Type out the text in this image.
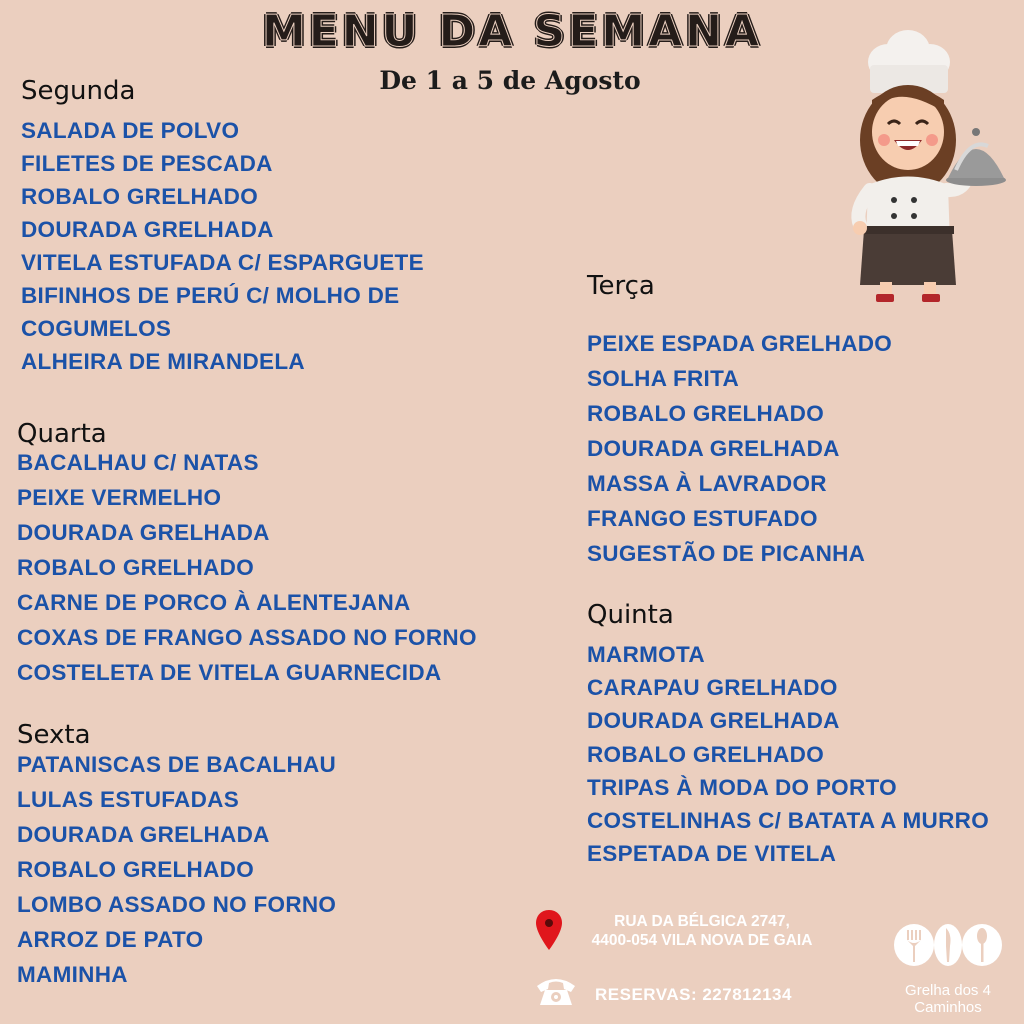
MENU DA SEMANA
De 1 a 5 de Agosto
Segunda
SALADA DE POLVO
FILETES DE PESCADA
ROBALO GRELHADO
DOURADA GRELHADA
VITELA ESTUFADA C/ ESPARGUETE
BIFINHOS DE PERÚ C/ MOLHO DE
COGUMELOS
ALHEIRA DE MIRANDELA
Quarta
BACALHAU C/ NATAS
PEIXE VERMELHO
DOURADA GRELHADA
ROBALO GRELHADO
CARNE DE PORCO À ALENTEJANA
COXAS DE FRANGO ASSADO NO FORNO
COSTELETA DE VITELA GUARNECIDA
Sexta
PATANISCAS DE BACALHAU
LULAS ESTUFADAS
DOURADA GRELHADA
ROBALO GRELHADO
LOMBO ASSADO NO FORNO
ARROZ DE PATO
MAMINHA
Terça
PEIXE ESPADA GRELHADO
SOLHA FRITA
ROBALO GRELHADO
DOURADA GRELHADA
MASSA À LAVRADOR
FRANGO ESTUFADO
SUGESTÃO DE PICANHA
Quinta
MARMOTA
CARAPAU GRELHADO
DOURADA GRELHADA
ROBALO GRELHADO
TRIPAS À MODA DO PORTO
COSTELINHAS C/ BATATA A MURRO
ESPETADA DE VITELA
RUA DA BÉLGICA 2747,
4400-054 VILA NOVA DE GAIA
RESERVAS: 227812134	Grelha dos 4
Caminhos
